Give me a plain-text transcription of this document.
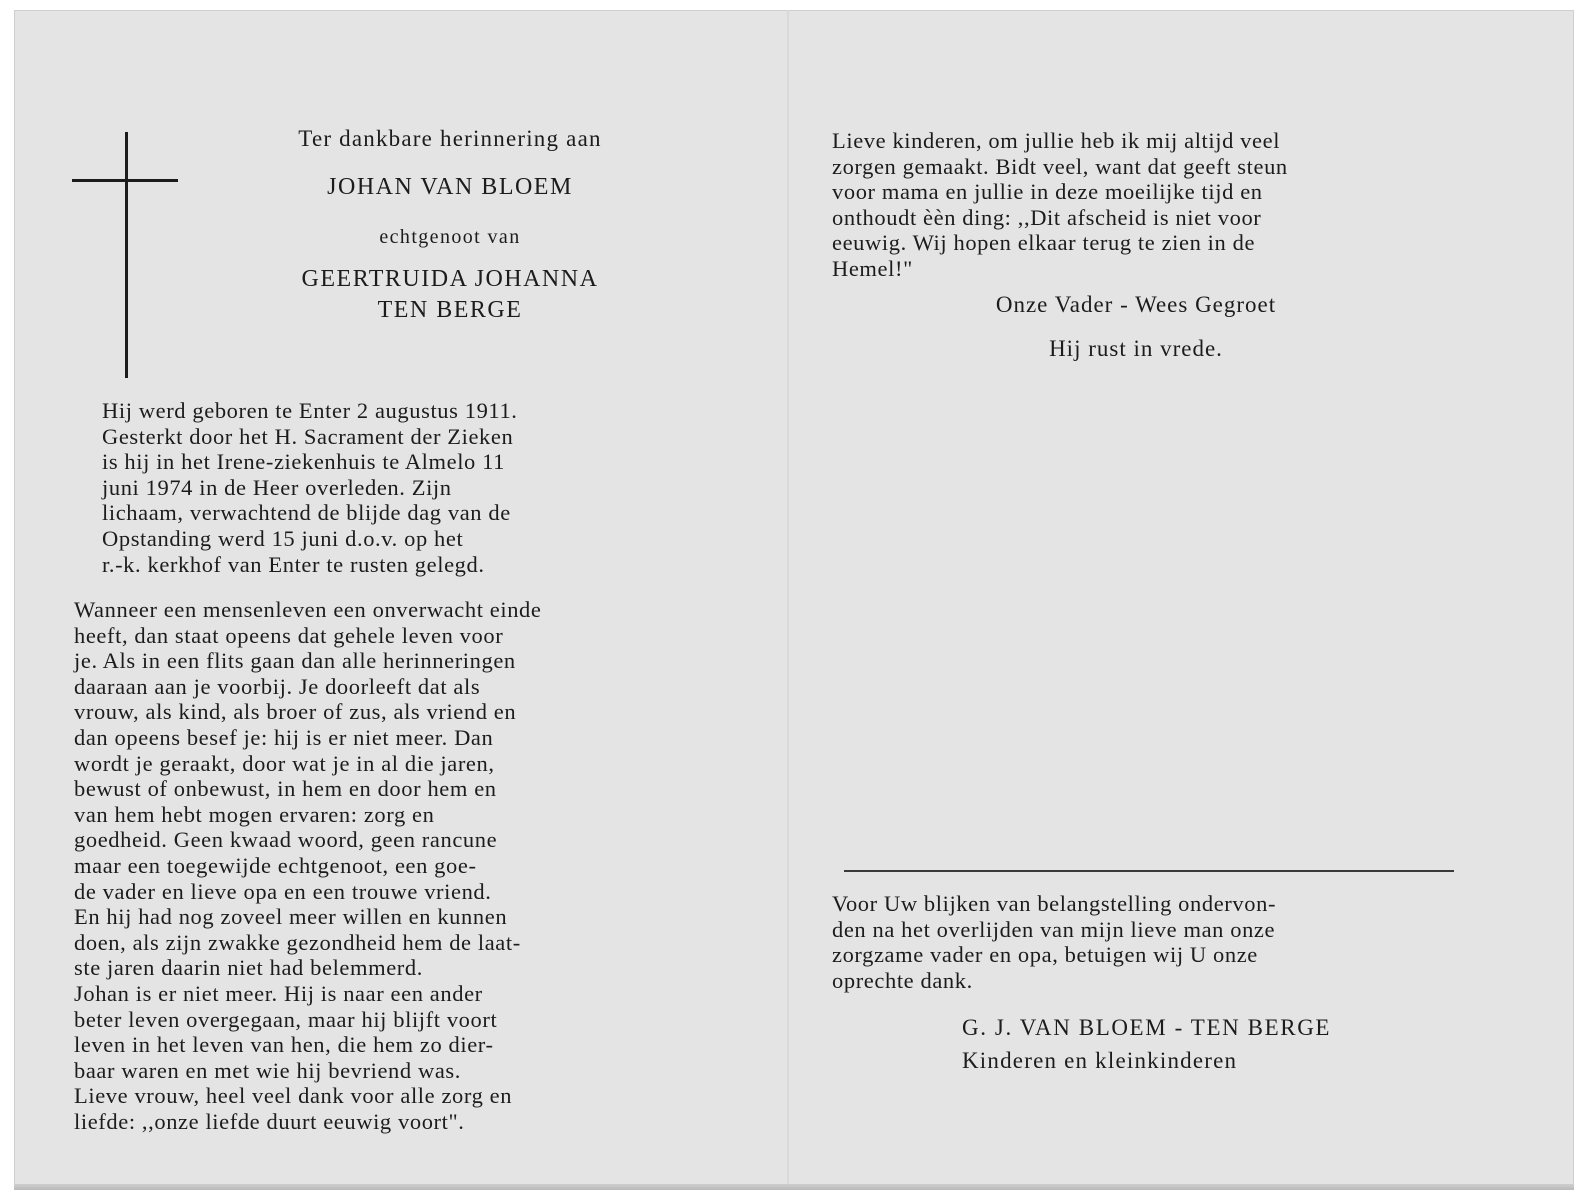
Ter dankbare herinnering aan
JOHAN VAN BLOEM
echtgenoot van
GEERTRUIDA JOHANNA
TEN BERGE
Hij werd geboren te Enter 2 augustus 1911.
Gesterkt door het H. Sacrament der Zieken
is hij in het Irene-ziekenhuis te Almelo 11
juni 1974 in de Heer overleden. Zijn
lichaam, verwachtend de blijde dag van de
Opstanding werd 15 juni d.o.v. op het
r.-k. kerkhof van Enter te rusten gelegd.
Wanneer een mensenleven een onverwacht einde
heeft, dan staat opeens dat gehele leven voor
je. Als in een flits gaan dan alle herinneringen
daaraan aan je voorbij. Je doorleeft dat als
vrouw, als kind, als broer of zus, als vriend en
dan opeens besef je: hij is er niet meer. Dan
wordt je geraakt, door wat je in al die jaren,
bewust of onbewust, in hem en door hem en
van hem hebt mogen ervaren: zorg en
goedheid. Geen kwaad woord, geen rancune
maar een toegewijde echtgenoot, een goe-
de vader en lieve opa en een trouwe vriend.
En hij had nog zoveel meer willen en kunnen
doen, als zijn zwakke gezondheid hem de laat-
ste jaren daarin niet had belemmerd.
Johan is er niet meer. Hij is naar een ander
beter leven overgegaan, maar hij blijft voort
leven in het leven van hen, die hem zo dier-
baar waren en met wie hij bevriend was.
Lieve vrouw, heel veel dank voor alle zorg en
liefde: ,,onze liefde duurt eeuwig voort".
Lieve kinderen, om jullie heb ik mij altijd veel
zorgen gemaakt. Bidt veel, want dat geeft steun
voor mama en jullie in deze moeilijke tijd en
onthoudt èèn ding: ,,Dit afscheid is niet voor
eeuwig. Wij hopen elkaar terug te zien in de
Hemel!"
Onze Vader - Wees Gegroet
Hij rust in vrede.
Voor Uw blijken van belangstelling ondervon-
den na het overlijden van mijn lieve man onze
zorgzame vader en opa, betuigen wij U onze
oprechte dank.
G. J. VAN BLOEM - TEN BERGE
Kinderen en kleinkinderen
